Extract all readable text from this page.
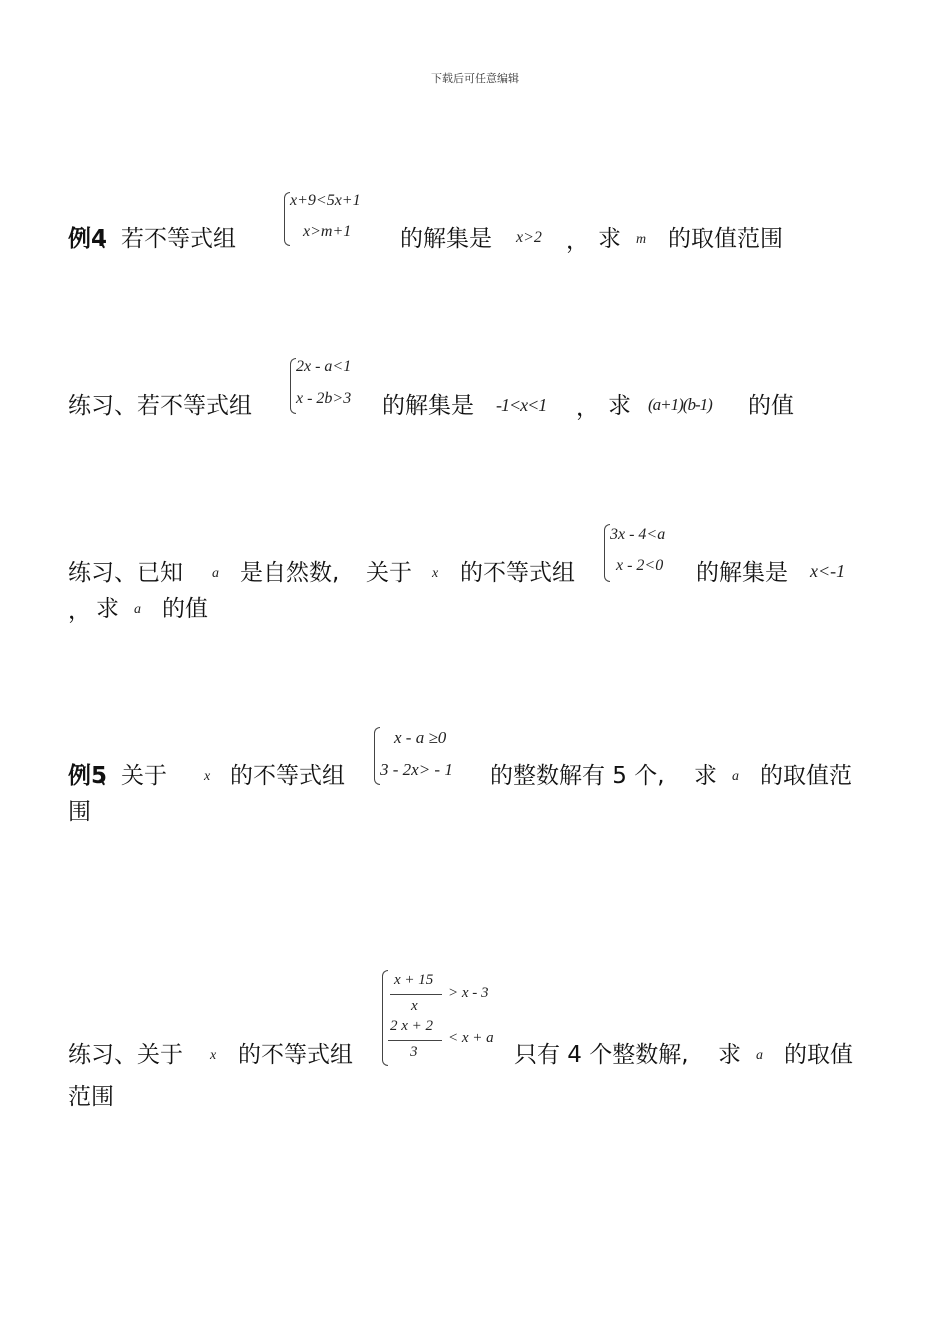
下载后可任意编辑
例4
、若不等式组
x+9<5x+1
x>m+1 的解集是 x>2 ， 求 m 的取值范围
练习、若不等式组
2x - a<1
x - 2b>3 的解集是 -1<x<1 ， 求 (a+1)(b-1) 的值
练习、已知 a 是自然数, 关于 x 的不等式组
3x - 4<a
x - 2<0 的解集是 x<-1
， 求 a 的值
例5
、关于	x 的不等式组
x - a ≥0
3 - 2x> - 1 的整数解有 5 个, 求 a 的取值范
围
练习、关于 x 的不等式组
x + 15
x
> x - 3
2 x + 2
3
< x + a
只有 4 个整数解, 求 a 的取值
范围
